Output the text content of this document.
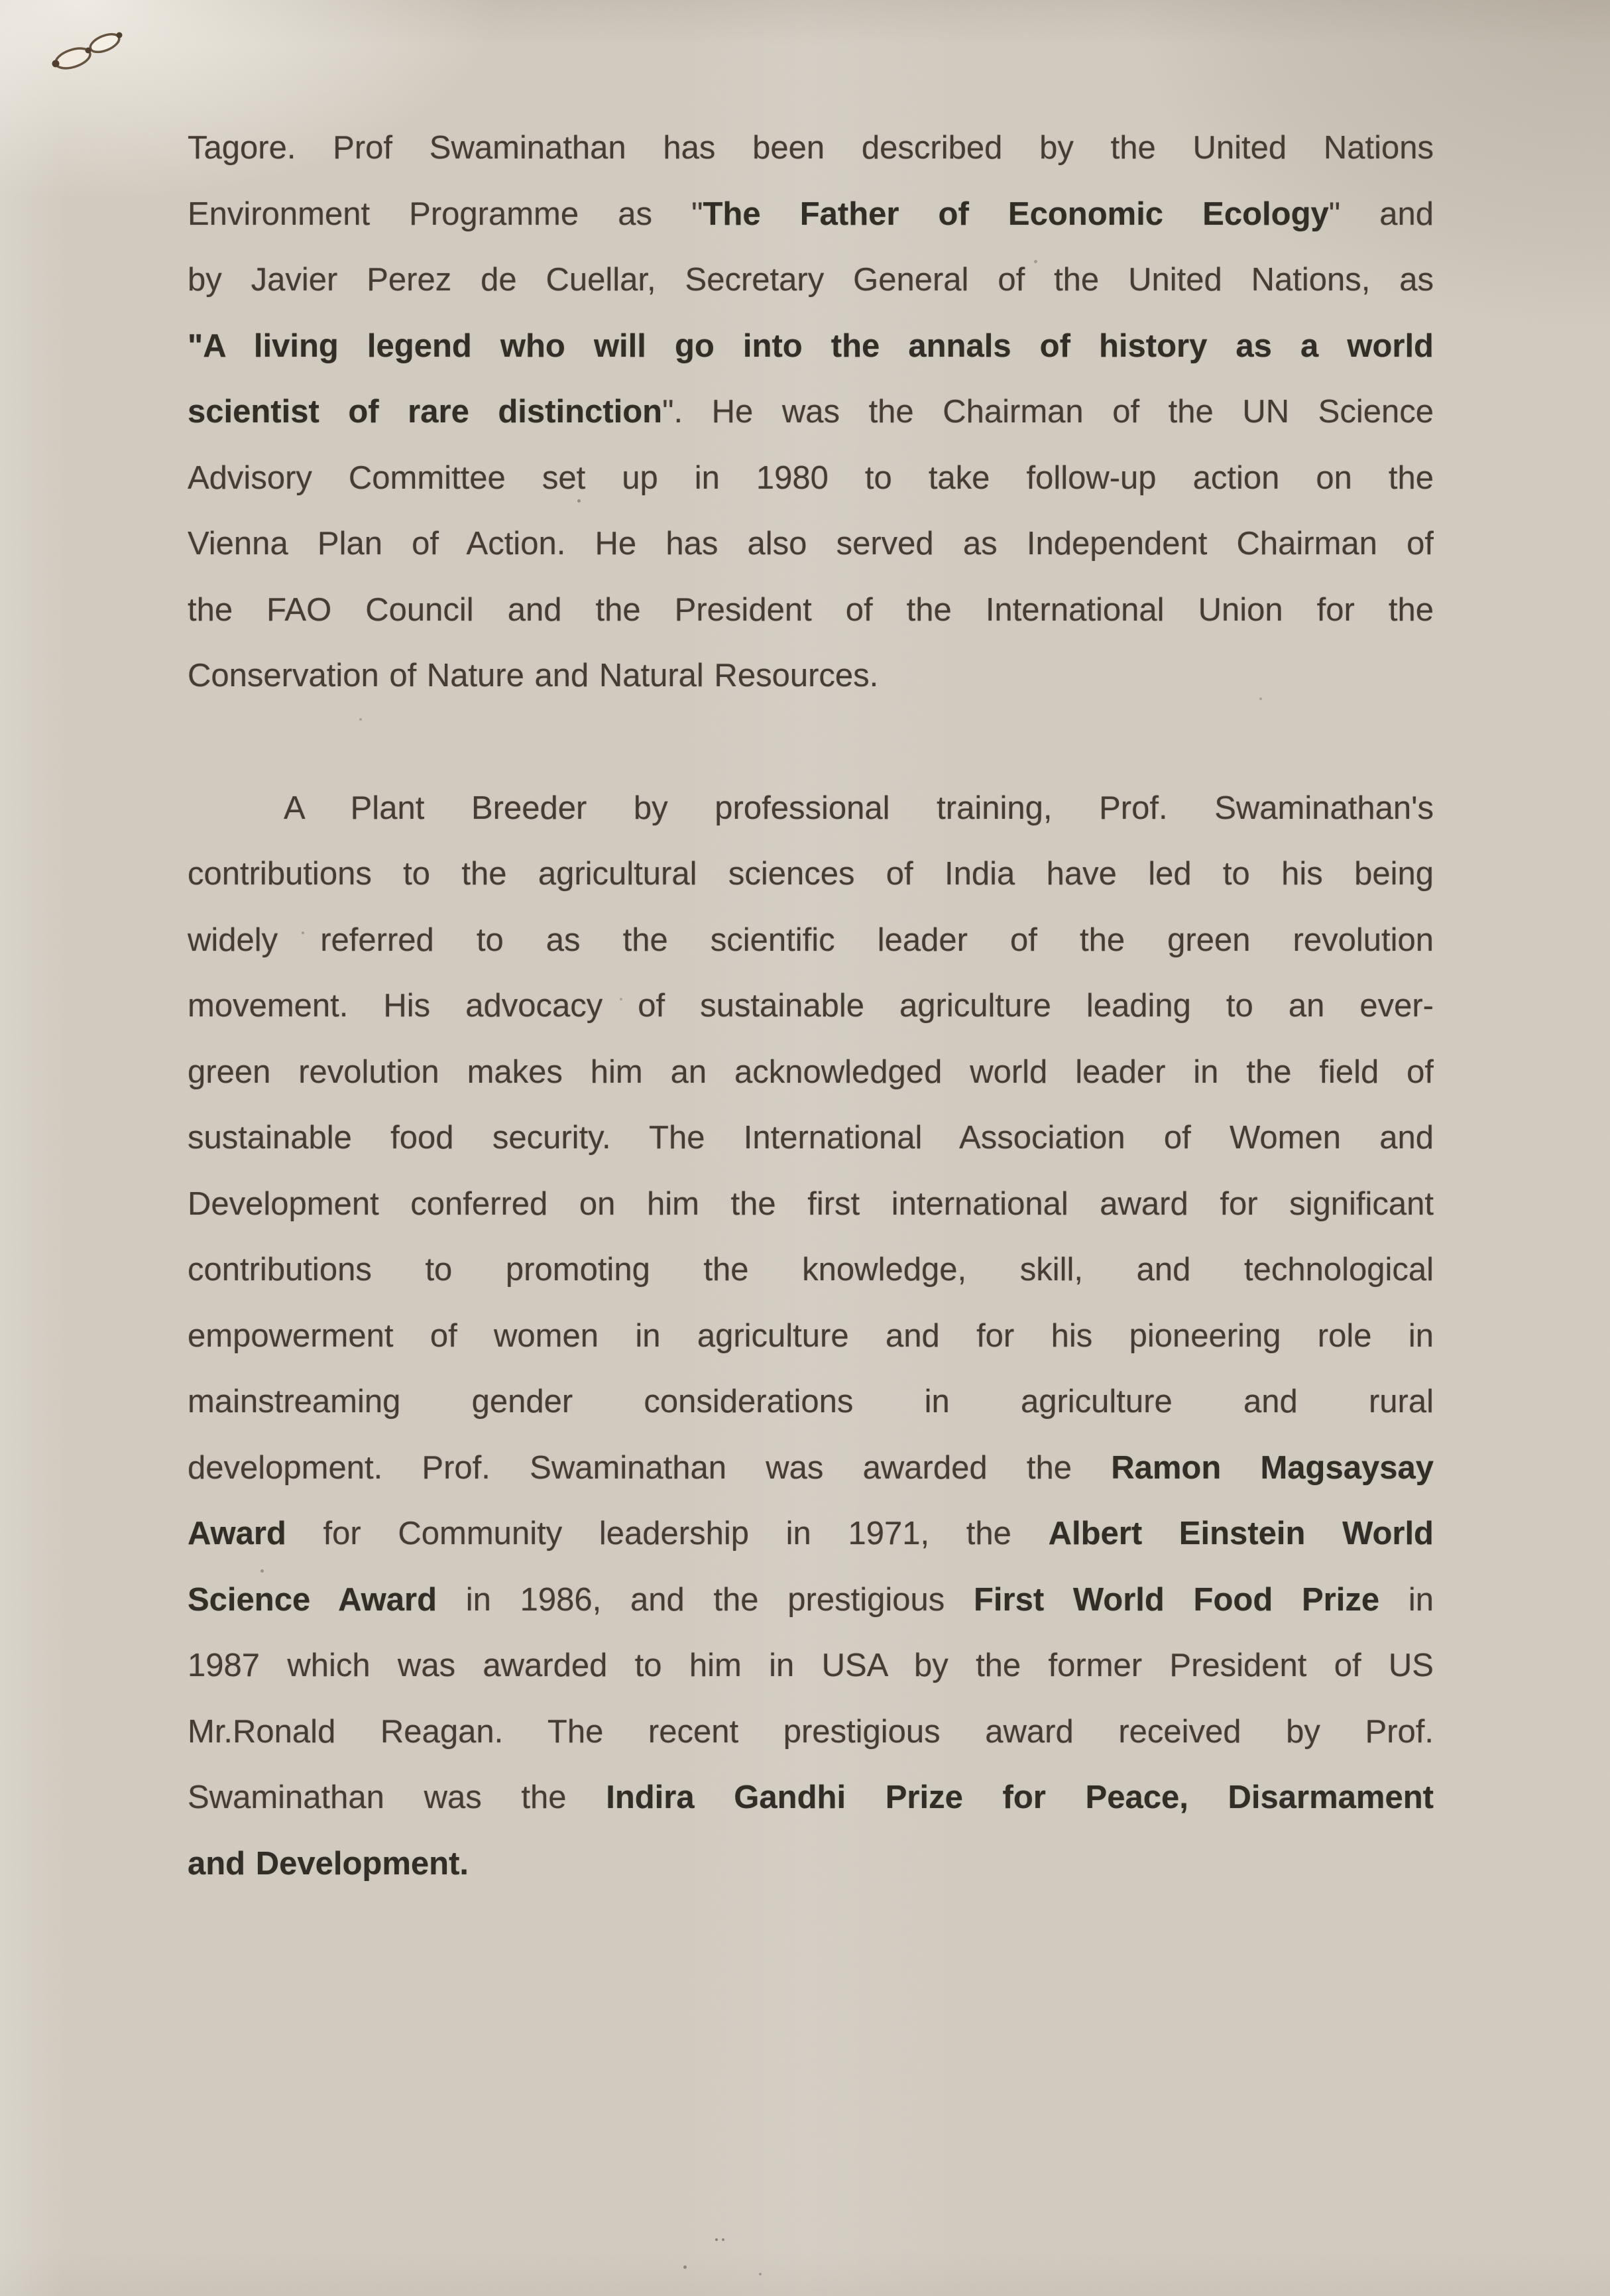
Tagore. Prof Swaminathan has been described by the United Nations
Environment Programme as "The Father of Economic Ecology" and
by Javier Perez de Cuellar, Secretary General of the United Nations, as
"A living legend who will go into the annals of history as a world
scientist of rare distinction". He was the Chairman of the UN Science
Advisory Committee set up in 1980 to take follow-up action on the
Vienna Plan of Action. He has also served as Independent Chairman of
the FAO Council and the President of the International Union for the
Conservation of Nature and Natural Resources.
A Plant Breeder by professional training, Prof. Swaminathan's
contributions to the agricultural sciences of India have led to his being
widely referred to as the scientific leader of the green revolution
movement. His advocacy of sustainable agriculture leading to an ever-
green revolution makes him an acknowledged world leader in the field of
sustainable food security. The International Association of Women and
Development conferred on him the first international award for significant
contributions to promoting the knowledge, skill, and technological
empowerment of women in agriculture and for his pioneering role in
mainstreaming gender considerations in agriculture and rural
development. Prof. Swaminathan was awarded the Ramon Magsaysay
Award for Community leadership in 1971, the Albert Einstein World
Science Award in 1986, and the prestigious First World Food Prize in
1987 which was awarded to him in USA by the former President of US
Mr.Ronald Reagan. The recent prestigious award received by Prof.
Swaminathan was the Indira Gandhi Prize for Peace, Disarmament
and Development.
